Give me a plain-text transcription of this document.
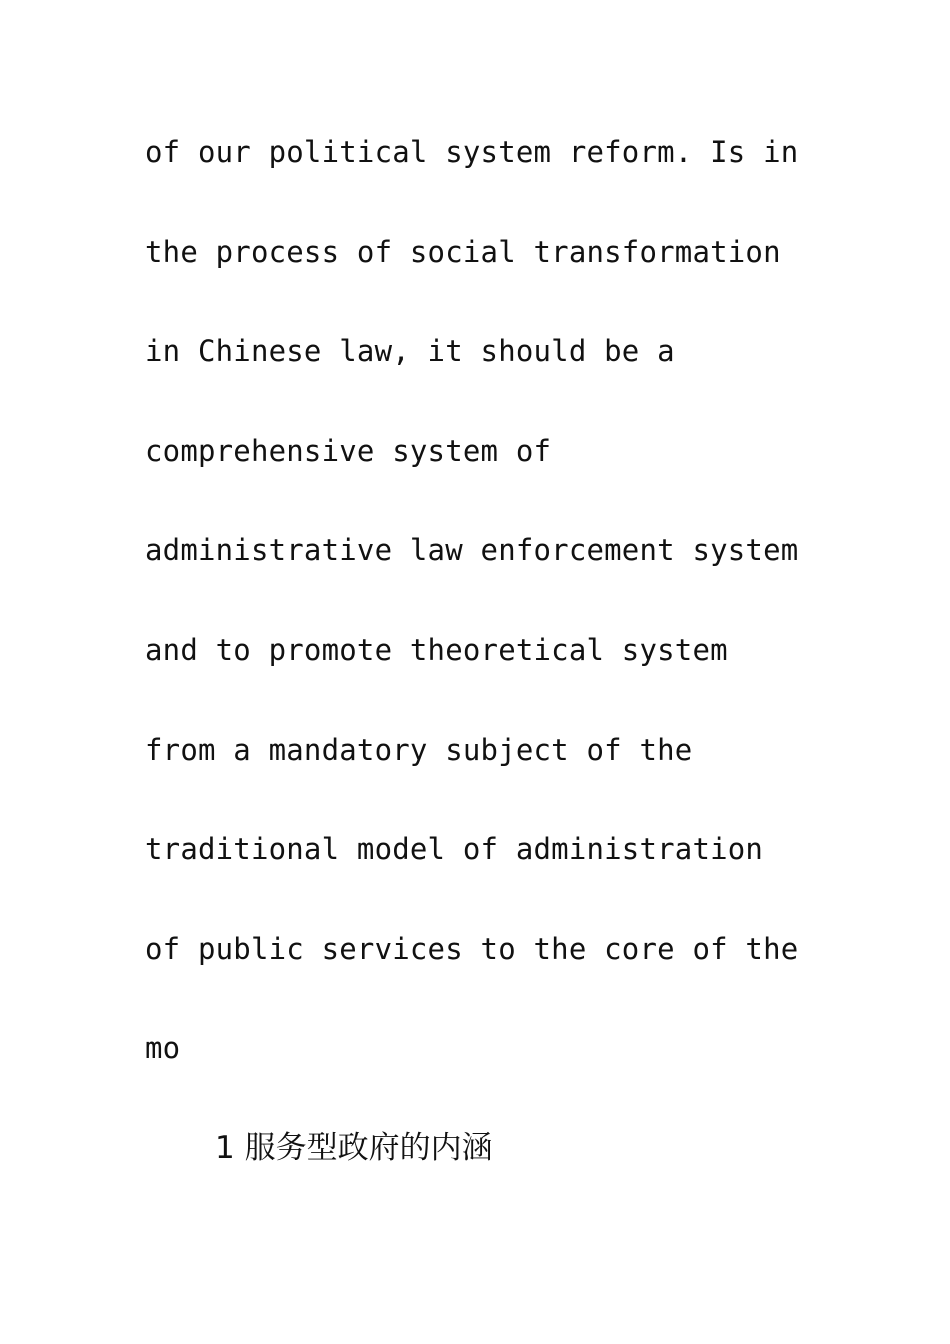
of our political system reform. Is in
the process of social transformation
in Chinese law, it should be a
comprehensive system of
administrative law enforcement system
and to promote theoretical system
from a mandatory subject of the
traditional model of administration
of public services to the core of the
mo
1 服务型政府的内涵
